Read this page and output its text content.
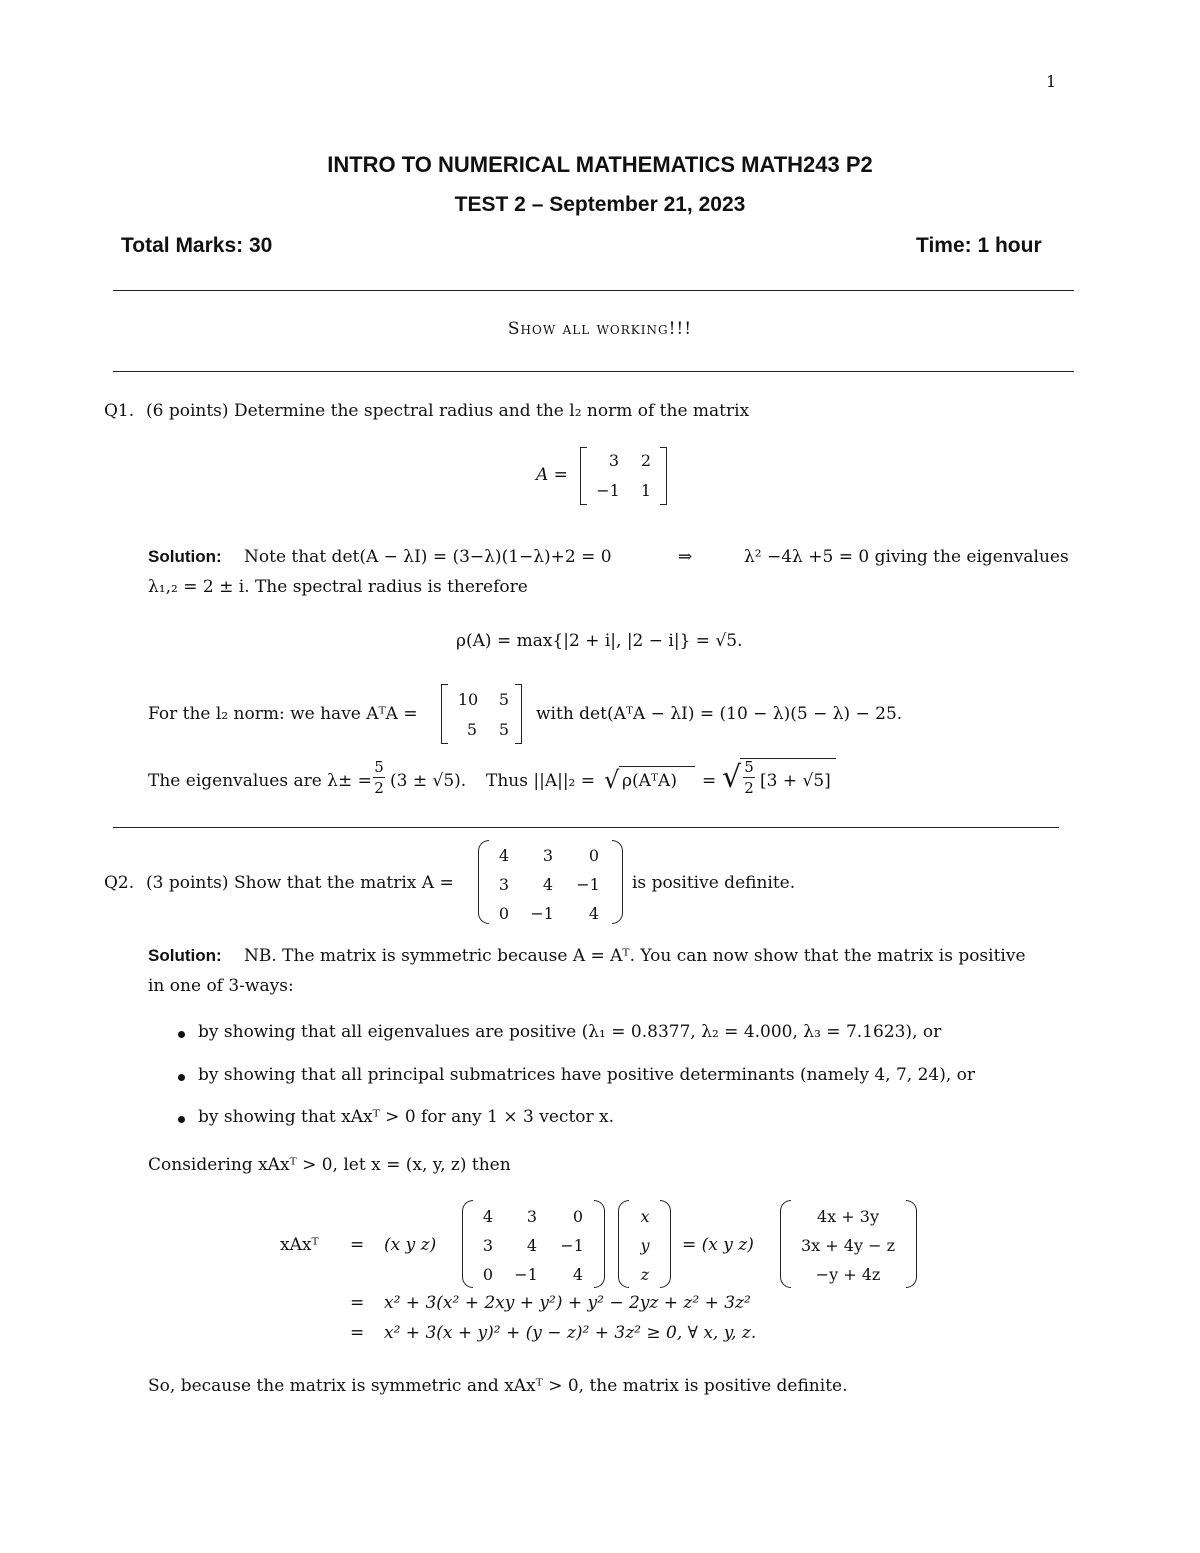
1
INTRO TO NUMERICAL MATHEMATICS MATH243 P2
TEST 2 – September 21, 2023
Total Marks: 30	Time: 1 hour
Show all working!!!
Q1. (6 points) Determine the spectral radius and the l₂ norm of the matrix
A =
3	2
−1	1
Solution: Note that det(A − λI) = (3−λ)(1−λ)+2 = 0	⇒	λ² −4λ +5 = 0 giving the eigenvalues
λ₁,₂ = 2 ± i. The spectral radius is therefore
ρ(A) = max{|2 + i|, |2 − i|} = √5.
For the l₂ norm: we have AᵀA =
10	5
5	5
with det(AᵀA − λI) = (10 − λ)(5 − λ) − 25.
The eigenvalues are λ± =
5
2 (3 ± √5). Thus ||A||₂ = √ ρ(AᵀA) = √ 5
2 [3 + √5]
Q2. (3 points) Show that the matrix A =
4	3	0
3	4	−1
0	−1	4
is positive definite.
Solution: NB. The matrix is symmetric because A = Aᵀ. You can now show that the matrix is positive
in one of 3-ways:
by showing that all eigenvalues are positive (λ₁ = 0.8377, λ₂ = 4.000, λ₃ = 7.1623), or
by showing that all principal submatrices have positive determinants (namely 4, 7, 24), or
by showing that xAxᵀ > 0 for any 1 × 3 vector x.
Considering xAxᵀ > 0, let x = (x, y, z) then
xAxᵀ = (x y z)
4	3	0
3	4	−1
0	−1	4
x
y
z
= (x y z)
4x + 3y
3x + 4y − z
−y + 4z
= x² + 3(x² + 2xy + y²) + y² − 2yz + z² + 3z²
= x² + 3(x + y)² + (y − z)² + 3z² ≥ 0, ∀ x, y, z.
So, because the matrix is symmetric and xAxᵀ > 0, the matrix is positive definite.
